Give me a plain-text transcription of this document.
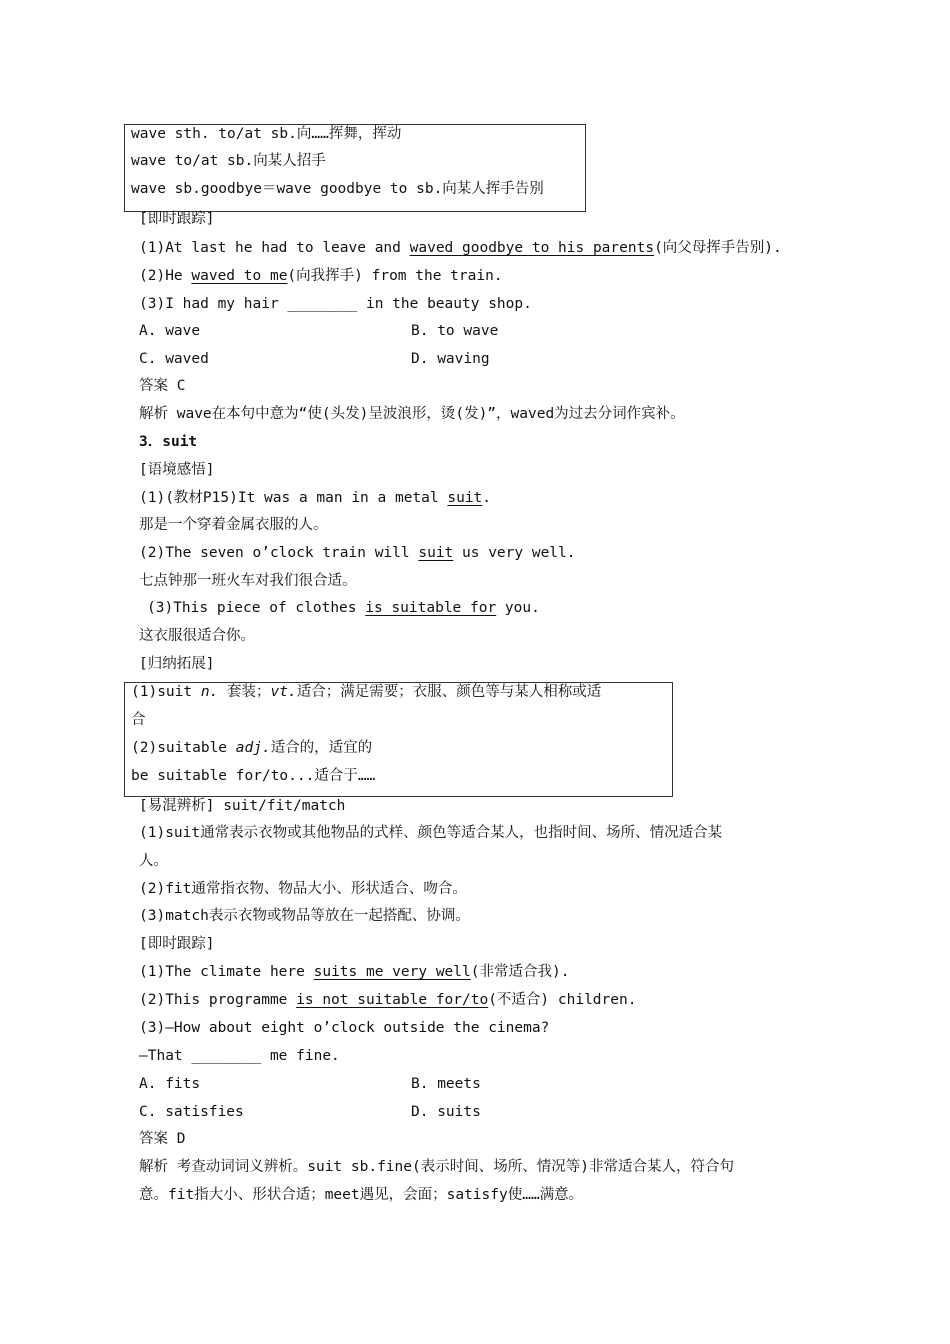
wave sth. to/at sb.向……挥舞，挥动
wave to/at sb.向某人招手
wave sb.goodbye＝wave goodbye to sb.向某人挥手告别
[即时跟踪]
(1)At last he had to leave and waved goodbye to his parents(向父母挥手告别).
(2)He waved to me(向我挥手) from the train.
(3)I had my hair ________ in the beauty shop.
A. wave	B. to wave
C. waved	D. waving
答案 C
解析 wave在本句中意为“使(头发)呈波浪形，烫(发)”，waved为过去分词作宾补。
3．suit
[语境感悟]
(1)(教材P15)It was a man in a metal suit.
那是一个穿着金属衣服的人。
(2)The seven o’clock train will suit us very well.
七点钟那一班火车对我们很合适。
(3)This piece of clothes is suitable for you.
这衣服很适合你。
[归纳拓展]
(1)suit n. 套装；vt.适合；满足需要；衣服、颜色等与某人相称或适
合
(2)suitable adj.适合的，适宜的
be suitable for/to...适合于……
[易混辨析] suit/fit/match
(1)suit通常表示衣物或其他物品的式样、颜色等适合某人，也指时间、场所、情况适合某
人。
(2)fit通常指衣物、物品大小、形状适合、吻合。
(3)match表示衣物或物品等放在一起搭配、协调。
[即时跟踪]
(1)The climate here suits me very well(非常适合我).
(2)This programme is not suitable for/to(不适合) children.
(3)—How about eight o’clock outside the cinema?
—That ________ me fine.
A. fits	B. meets
C. satisfies	D. suits
答案 D
解析 考查动词词义辨析。suit sb.fine(表示时间、场所、情况等)非常适合某人，符合句
意。fit指大小、形状合适；meet遇见，会面；satisfy使……满意。
